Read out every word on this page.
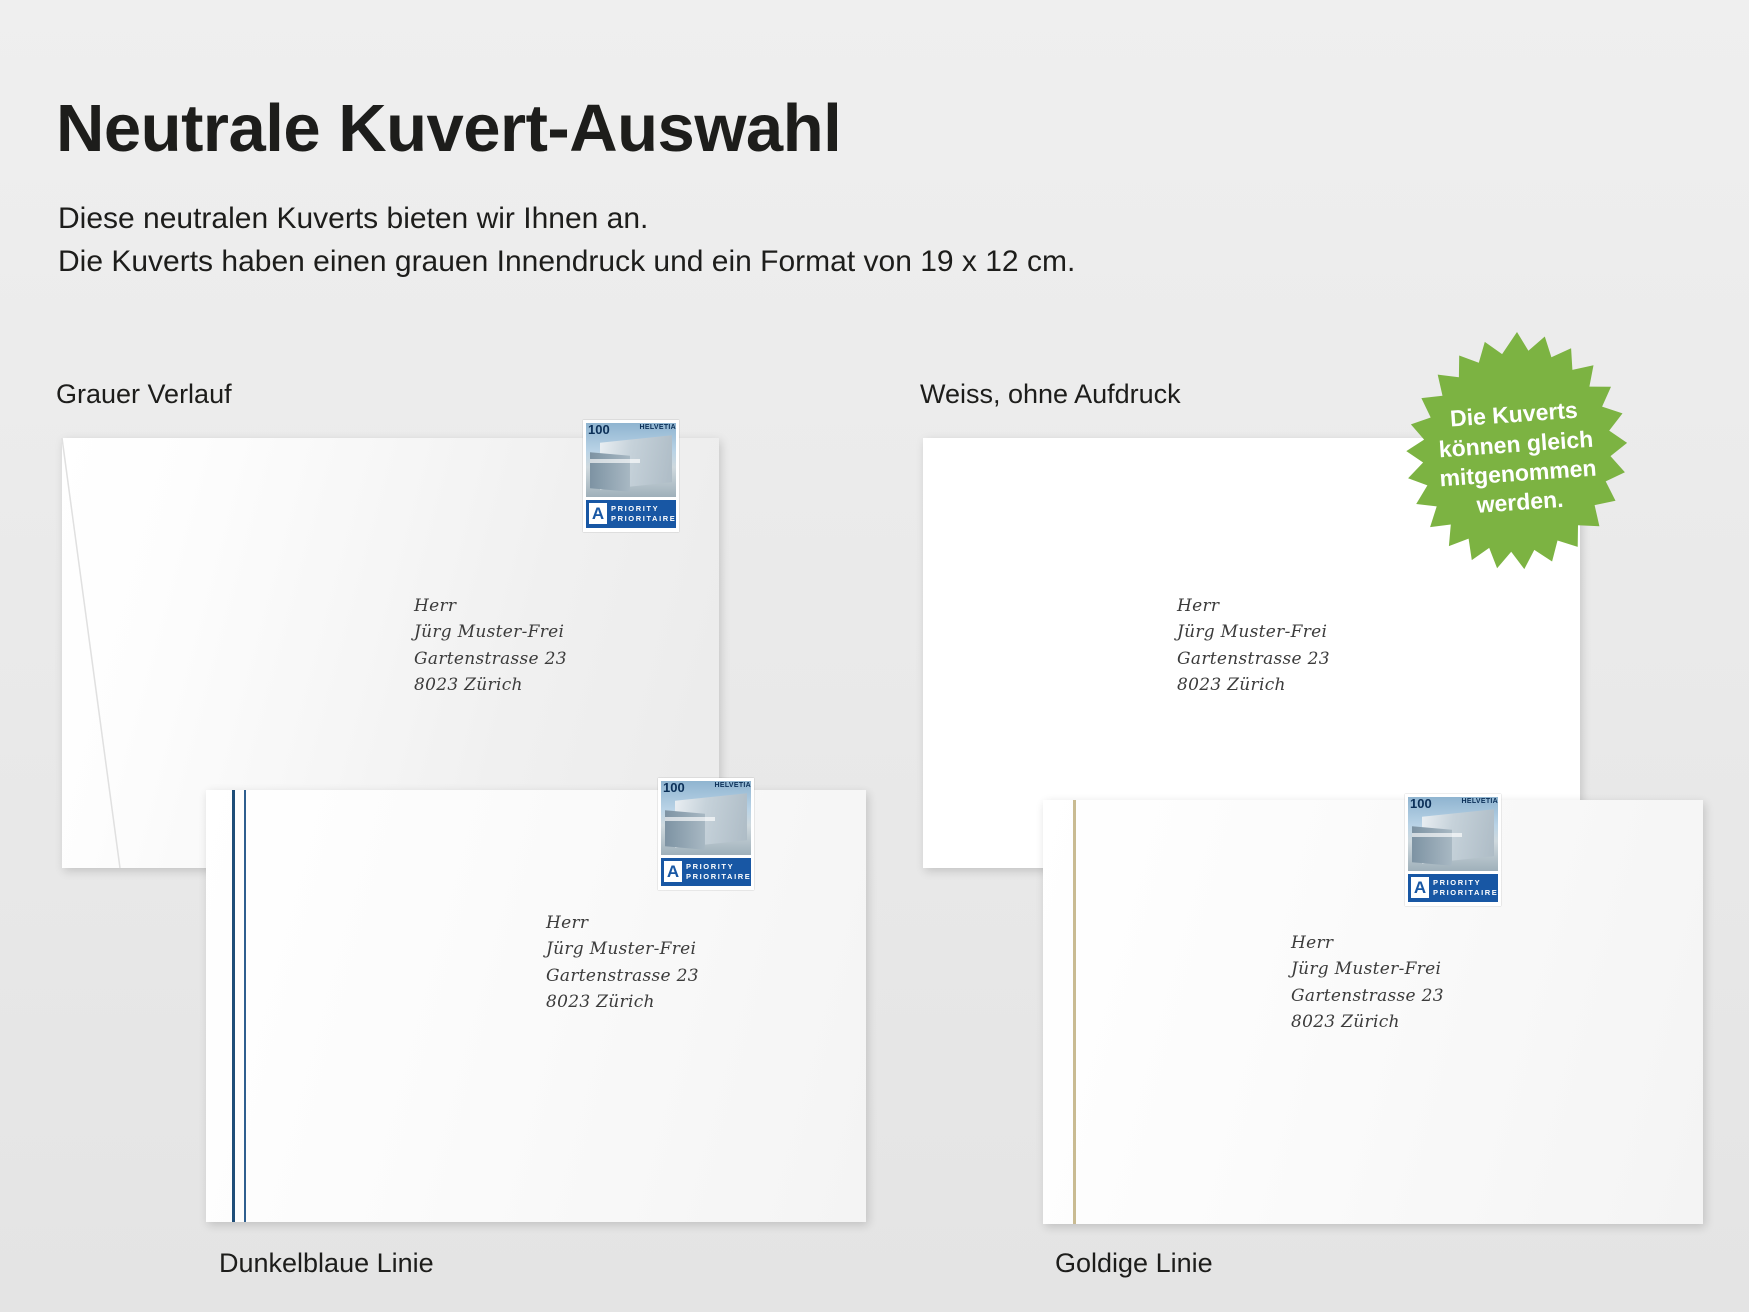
Neutrale Kuvert-Auswahl
Diese neutralen Kuverts bieten wir Ihnen an.
Die Kuverts haben einen grauen Innendruck und ein Format von 19 x 12 cm.
Grauer Verlauf	Weiss, ohne Aufdruck
Dunkelblaue Linie	Goldige Linie
100	HELVETIA
A PRIORITY
PRIORITAIRE
Herr
Jürg Muster-Frei
Gartenstrasse 23
8023 Zürich
Herr
Jürg Muster-Frei
Gartenstrasse 23
8023 Zürich
100	HELVETIA
A PRIORITY
PRIORITAIRE
Herr
Jürg Muster-Frei
Gartenstrasse 23
8023 Zürich
100	HELVETIA
A PRIORITY
PRIORITAIRE
Herr
Jürg Muster-Frei
Gartenstrasse 23
8023 Zürich
Die Kuverts
können gleich
mitgenommen
werden.
